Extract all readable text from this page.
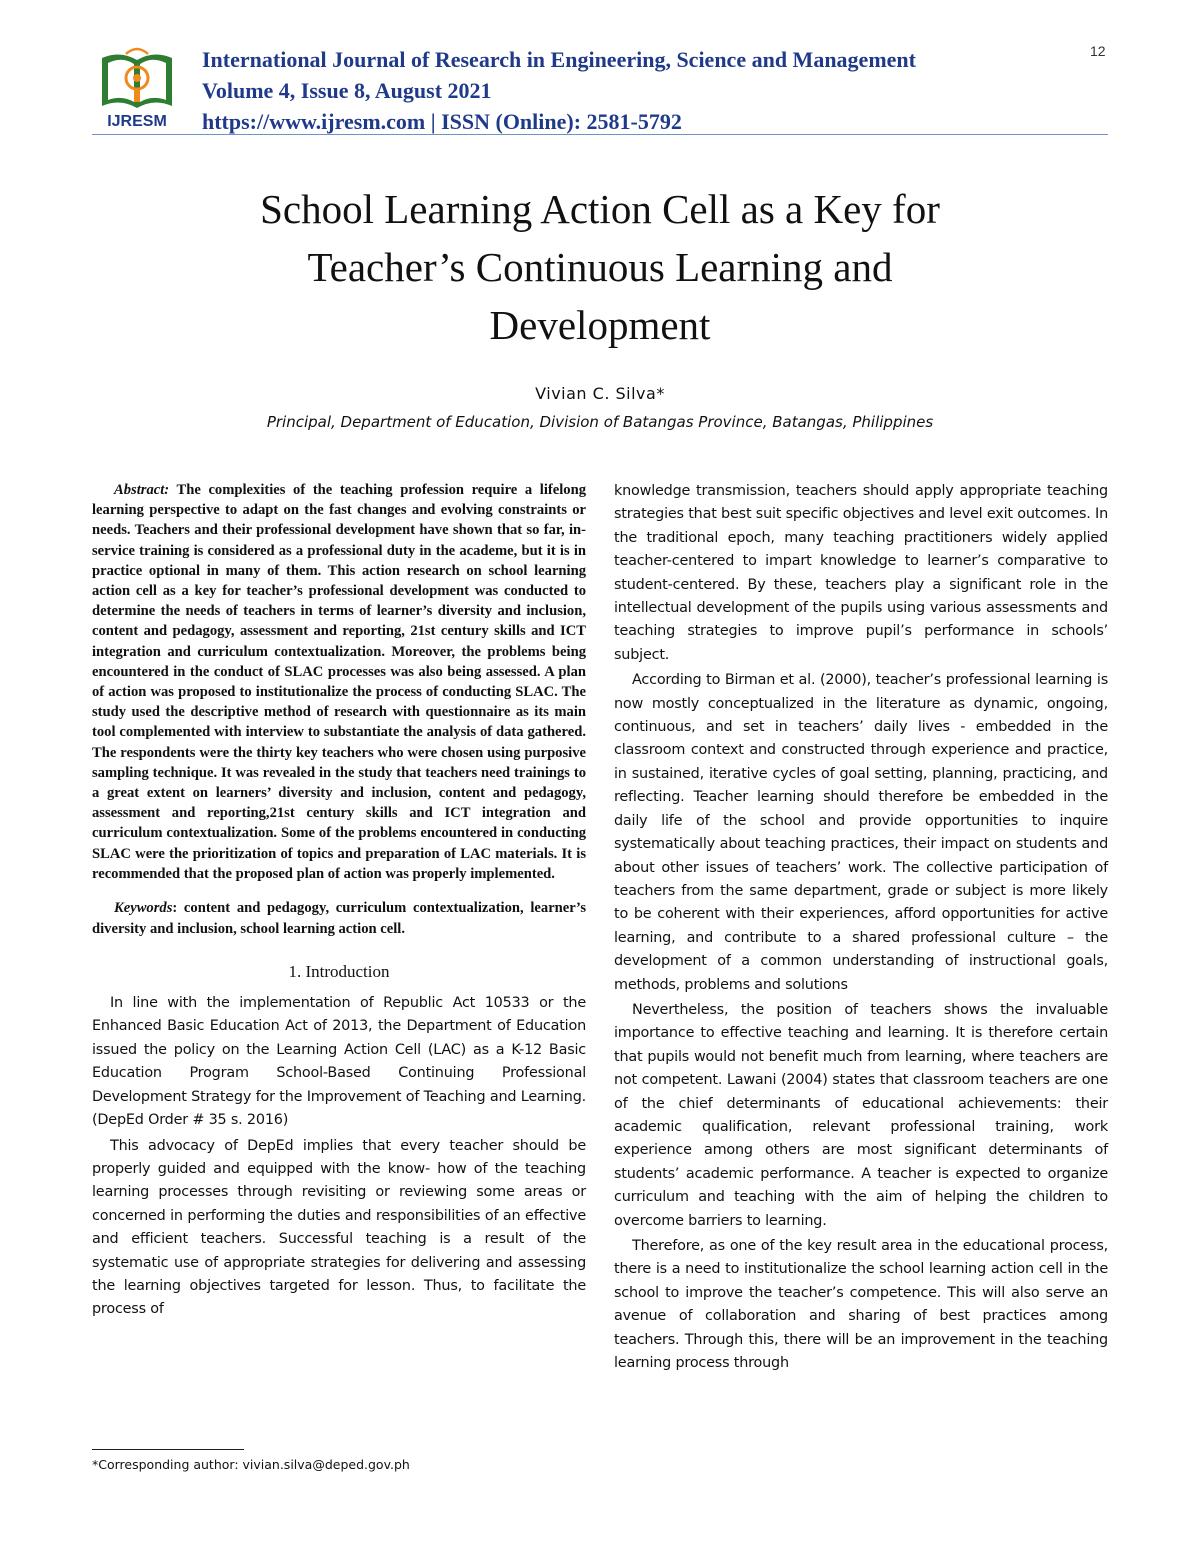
IJRESM
International Journal of Research in Engineering, Science and Management
Volume 4, Issue 8, August 2021
https://www.ijresm.com | ISSN (Online): 2581-5792
12
School Learning Action Cell as a Key for
Teacher’s Continuous Learning and
Development
Vivian C. Silva*
Principal, Department of Education, Division of Batangas Province, Batangas, Philippines

Abstract: The complexities of the teaching profession require a lifelong learning perspective to adapt on the fast changes and evolving constraints or needs. Teachers and their professional development have shown that so far, in-service training is considered as a professional duty in the academe, but it is in practice optional in many of them. This action research on school learning action cell as a key for teacher’s professional development was conducted to determine the needs of teachers in terms of learner’s diversity and inclusion, content and pedagogy, assessment and reporting, 21st century skills and ICT integration and curriculum contextualization. Moreover, the problems being encountered in the conduct of SLAC processes was also being assessed. A plan of action was proposed to institutionalize the process of conducting SLAC. The study used the descriptive method of research with questionnaire as its main tool complemented with interview to substantiate the analysis of data gathered. The respondents were the thirty key teachers who were chosen using purposive sampling technique. It was revealed in the study that teachers need trainings to a great extent on learners’ diversity and inclusion, content and pedagogy, assessment and reporting,21st century skills and ICT integration and curriculum contextualization. Some of the problems encountered in conducting SLAC were the prioritization of topics and preparation of LAC materials. It is recommended that the proposed plan of action was properly implemented.

Keywords: content and pedagogy, curriculum contextualization, learner’s diversity and inclusion, school learning action cell.

1. Introduction

In line with the implementation of Republic Act 10533 or the Enhanced Basic Education Act of 2013, the Department of Education issued the policy on the Learning Action Cell (LAC) as a K-12 Basic Education Program School-Based Continuing Professional Development Strategy for the Improvement of Teaching and Learning. (DepEd Order # 35 s. 2016)

This advocacy of DepEd implies that every teacher should be properly guided and equipped with the know- how of the teaching learning processes through revisiting or reviewing some areas or concerned in performing the duties and responsibilities of an effective and efficient teachers. Successful teaching is a result of the systematic use of appropriate strategies for delivering and assessing the learning objectives targeted for lesson. Thus, to facilitate the process of

knowledge transmission, teachers should apply appropriate teaching strategies that best suit specific objectives and level exit outcomes. In the traditional epoch, many teaching practitioners widely applied teacher-centered to impart knowledge to learner’s comparative to student-centered. By these, teachers play a significant role in the intellectual development of the pupils using various assessments and teaching strategies to improve pupil’s performance in schools’ subject.

According to Birman et al. (2000), teacher’s professional learning is now mostly conceptualized in the literature as dynamic, ongoing, continuous, and set in teachers’ daily lives - embedded in the classroom context and constructed through experience and practice, in sustained, iterative cycles of goal setting, planning, practicing, and reflecting. Teacher learning should therefore be embedded in the daily life of the school and provide opportunities to inquire systematically about teaching practices, their impact on students and about other issues of teachers’ work. The collective participation of teachers from the same department, grade or subject is more likely to be coherent with their experiences, afford opportunities for active learning, and contribute to a shared professional culture – the development of a common understanding of instructional goals, methods, problems and solutions

Nevertheless, the position of teachers shows the invaluable importance to effective teaching and learning. It is therefore certain that pupils would not benefit much from learning, where teachers are not competent. Lawani (2004) states that classroom teachers are one of the chief determinants of educational achievements: their academic qualification, relevant professional training, work experience among others are most significant determinants of students’ academic performance. A teacher is expected to organize curriculum and teaching with the aim of helping the children to overcome barriers to learning.

Therefore, as one of the key result area in the educational process, there is a need to institutionalize the school learning action cell in the school to improve the teacher’s competence. This will also serve an avenue of collaboration and sharing of best practices among teachers. Through this, there will be an improvement in the teaching learning process through

*Corresponding author: vivian.silva@deped.gov.ph
